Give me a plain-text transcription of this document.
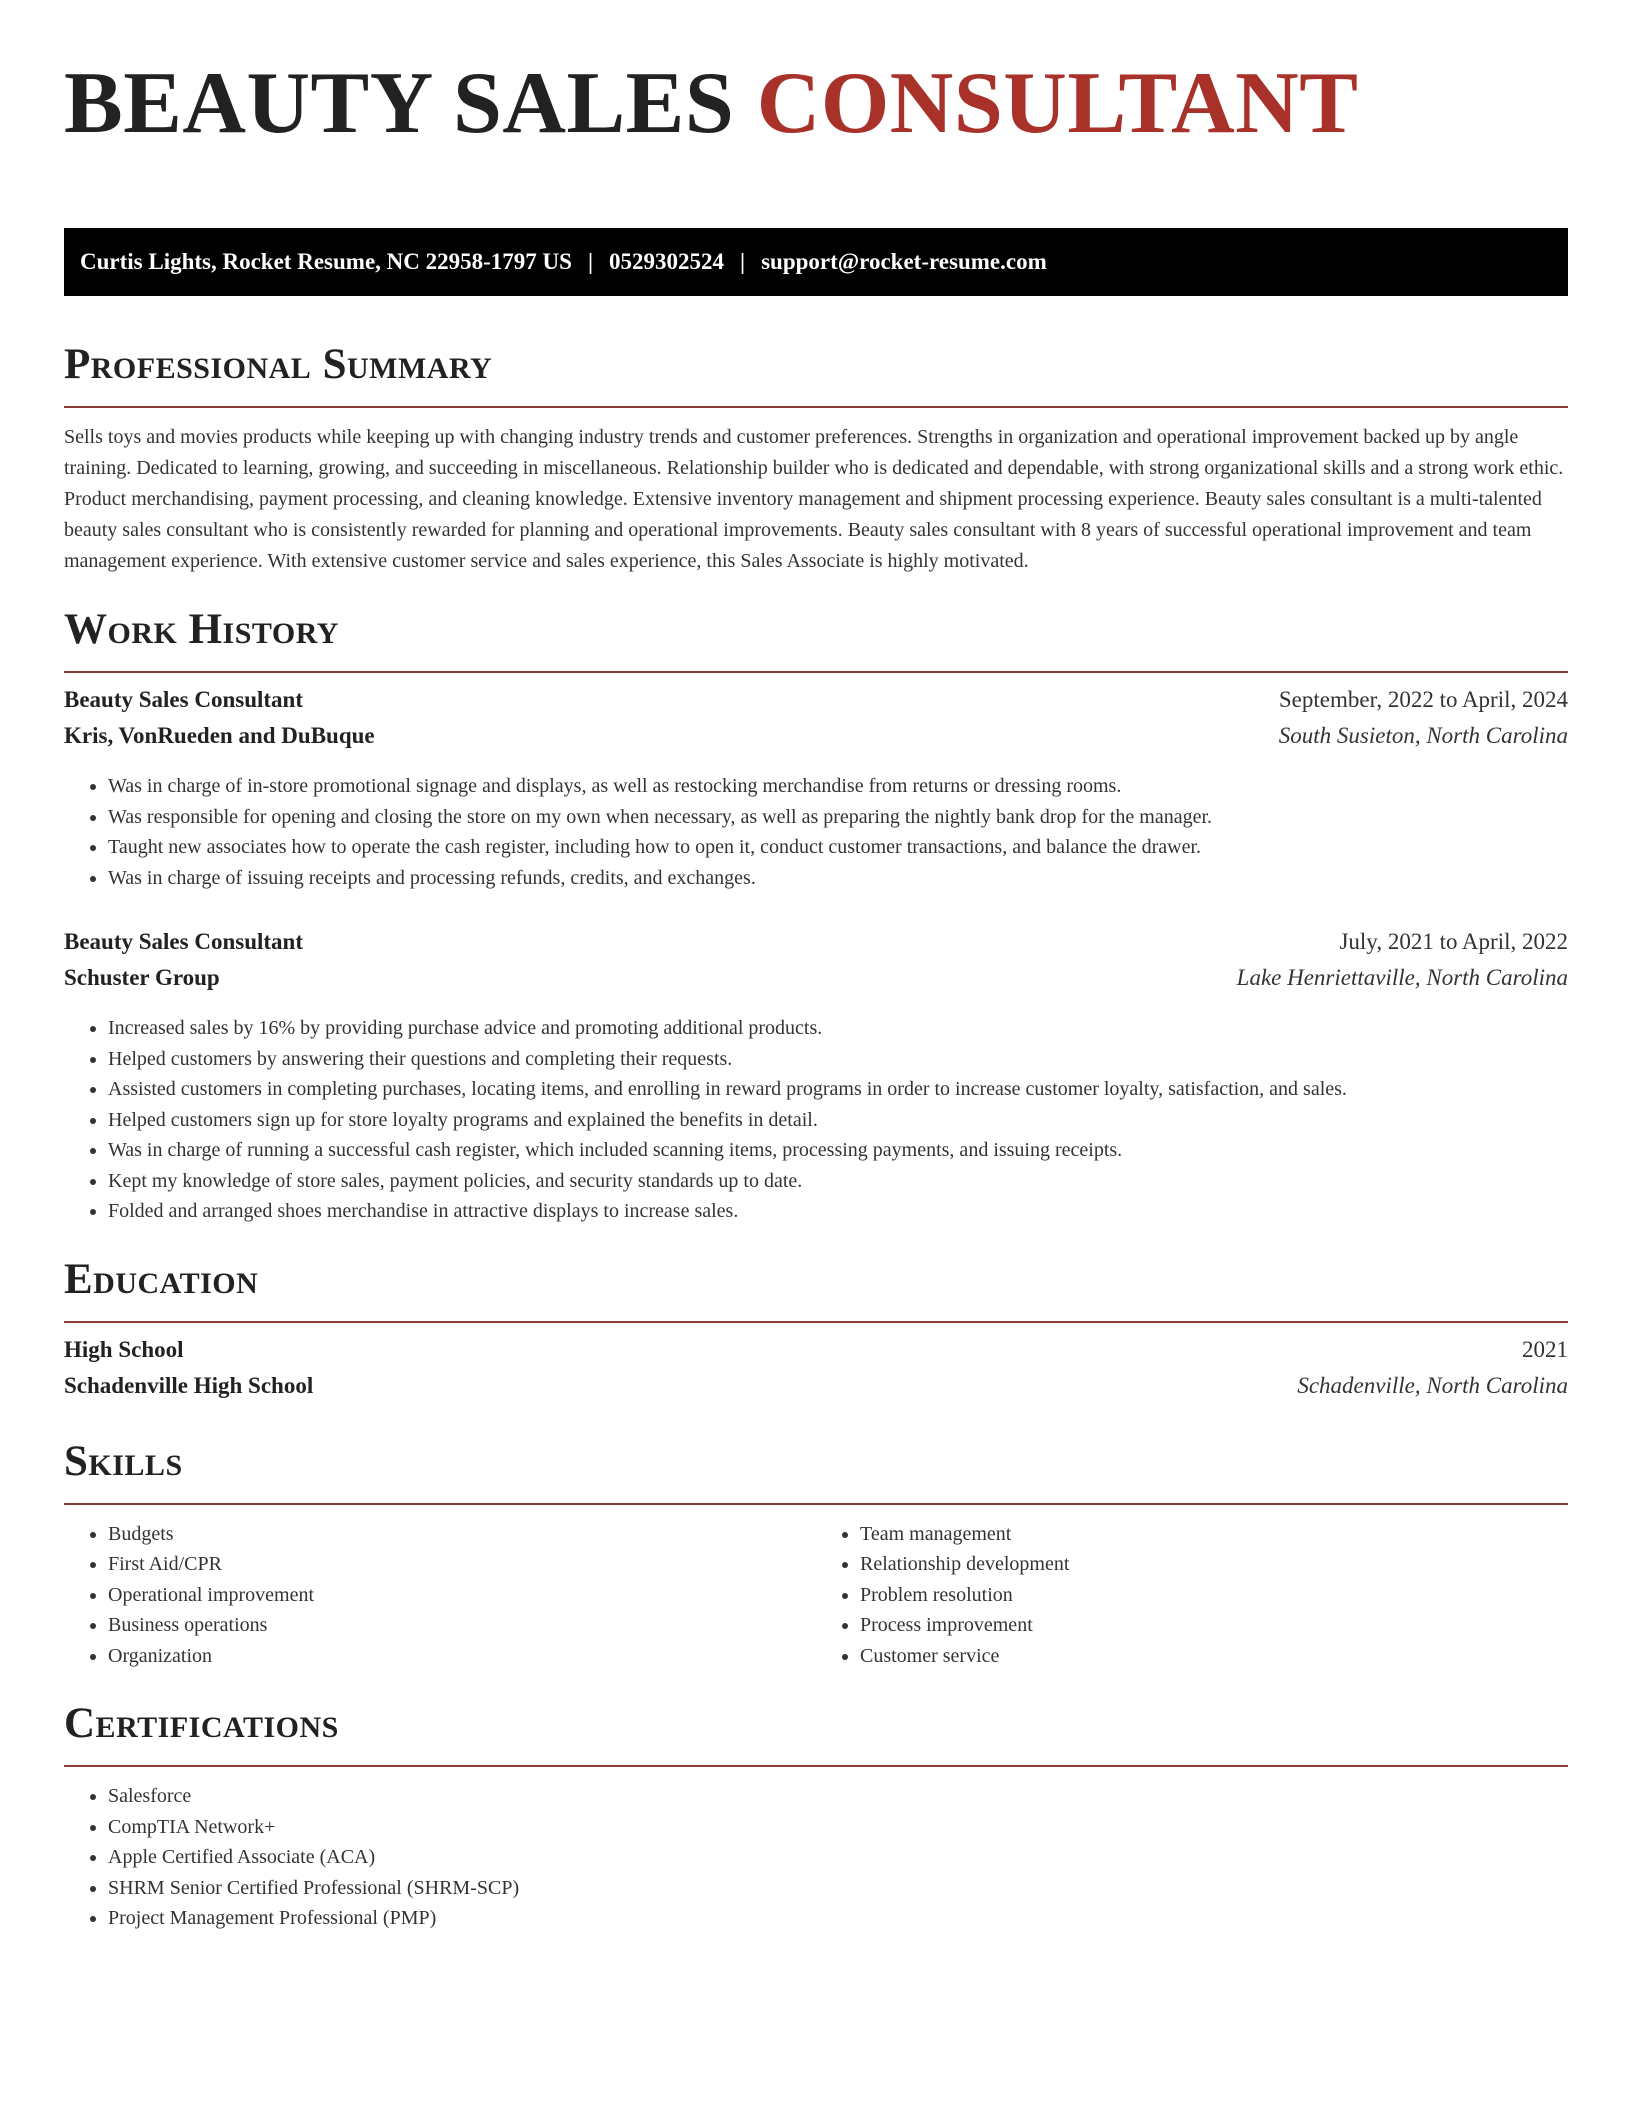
BEAUTY SALES CONSULTANT
Curtis Lights, Rocket Resume, NC 22958-1797 US | 0529302524 | support@rocket-resume.com
Professional Summary

Sells toys and movies products while keeping up with changing industry trends and customer preferences. Strengths in organization and operational improvement backed up by angle training. Dedicated to learning, growing, and succeeding in miscellaneous. Relationship builder who is dedicated and dependable, with strong organizational skills and a strong work ethic. Product merchandising, payment processing, and cleaning knowledge. Extensive inventory management and shipment processing experience. Beauty sales consultant is a multi-talented beauty sales consultant who is consistently rewarded for planning and operational improvements. Beauty sales consultant with 8 years of successful operational improvement and team management experience. With extensive customer service and sales experience, this Sales Associate is highly motivated.

Work History
Beauty Sales Consultant	September, 2022 to April, 2024
Kris, VonRueden and DuBuque	South Susieton, North Carolina
• Was in charge of in-store promotional signage and displays, as well as restocking merchandise from returns or dressing rooms.
• Was responsible for opening and closing the store on my own when necessary, as well as preparing the nightly bank drop for the manager.
• Taught new associates how to operate the cash register, including how to open it, conduct customer transactions, and balance the drawer.
• Was in charge of issuing receipts and processing refunds, credits, and exchanges.
Beauty Sales Consultant	July, 2021 to April, 2022
Schuster Group	Lake Henriettaville, North Carolina
• Increased sales by 16% by providing purchase advice and promoting additional products.
• Helped customers by answering their questions and completing their requests.
• Assisted customers in completing purchases, locating items, and enrolling in reward programs in order to increase customer loyalty, satisfaction, and sales.
• Helped customers sign up for store loyalty programs and explained the benefits in detail.
• Was in charge of running a successful cash register, which included scanning items, processing payments, and issuing receipts.
• Kept my knowledge of store sales, payment policies, and security standards up to date.
• Folded and arranged shoes merchandise in attractive displays to increase sales.
Education
High School	2021
Schadenville High School	Schadenville, North Carolina
Skills
• Budgets
• First Aid/CPR
• Operational improvement
• Business operations
• Organization
• Team management
• Relationship development
• Problem resolution
• Process improvement
• Customer service
Certifications
• Salesforce
• CompTIA Network+
• Apple Certified Associate (ACA)
• SHRM Senior Certified Professional (SHRM-SCP)
• Project Management Professional (PMP)
